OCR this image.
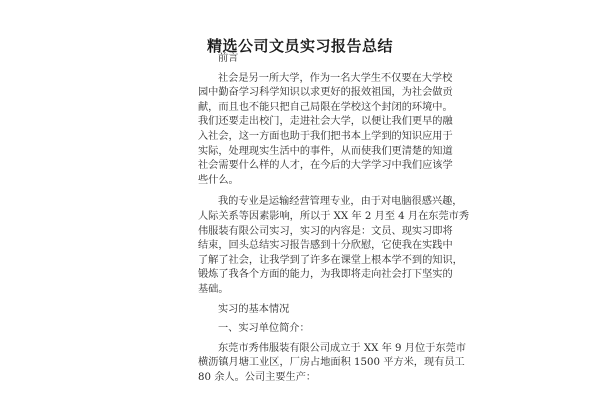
精选公司文员实习报告总结
前言
社会是另一所大学，作为一名大学生不仅要在大学校
园中勤奋学习科学知识以求更好的报效祖国，为社会做贡
献，而且也不能只把自己局限在学校这个封闭的环境中。
我们还要走出校门，走进社会大学，以便让我们更早的融
入社会，这一方面也助于我们把书本上学到的知识应用于
实际，处理现实生活中的事件，从而使我们更清楚的知道
社会需要什么样的人才，在今后的大学学习中我们应该学
些什么。
我的专业是运输经营管理专业，由于对电脑很感兴趣，
人际关系等因素影响，所以于 XX 年 2 月至 4 月在东莞市秀
伟服装有限公司实习，实习的内容是：文员、现实习即将
结束，回头总结实习报告感到十分欣慰，它使我在实践中
了解了社会，让我学到了许多在课堂上根本学不到的知识，
锻炼了我各个方面的能力，为我即将走向社会打下坚实的
基础。
实习的基本情况
一、实习单位简介：
东莞市秀伟服装有限公司成立于 XX 年 9 月位于东莞市
横沥镇月塘工业区，厂房占地面积 1500 平方米，现有员工
80 余人。公司主要生产：
